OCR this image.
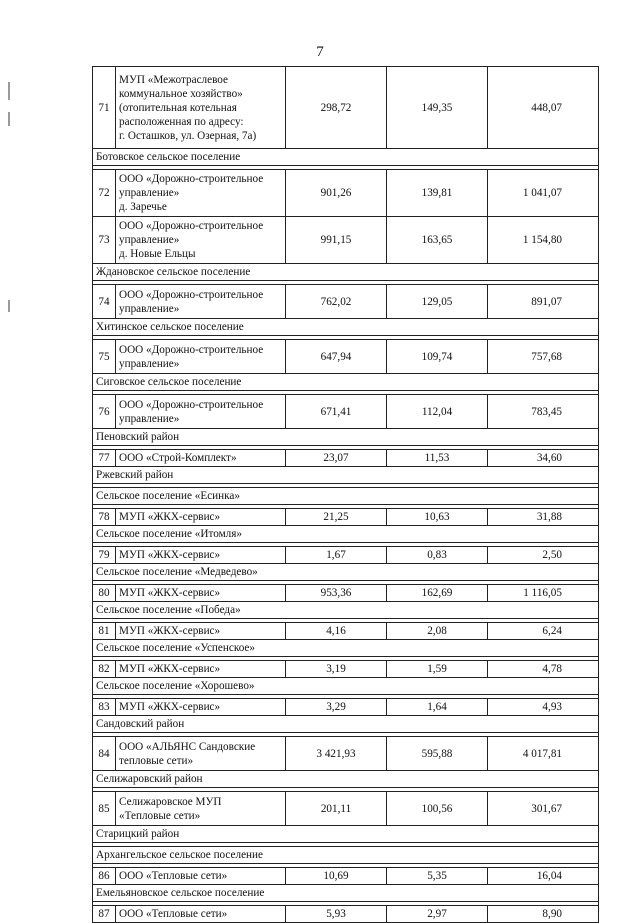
7
71	МУП «Межотраслевое
коммунальное хозяйство»
(отопительная котельная
расположенная по адресу:
г. Осташков, ул. Озерная, 7а)	298,72	149,35	448,07
Ботовское сельское поселение				

72	ООО «Дорожно-строительное
управление»
д. Заречье	901,26	139,81	1 041,07
73	ООО «Дорожно-строительное
управление»
д. Новые Ельцы	991,15	163,65	1 154,80
Ждановское сельское поселение				

74	ООО «Дорожно-строительное
управление»	762,02	129,05	891,07
Хитинское сельское поселение				

75	ООО «Дорожно-строительное
управление»	647,94	109,74	757,68
Сиговское сельское поселение				

76	ООО «Дорожно-строительное
управление»	671,41	112,04	783,45
Пеновский район				

77	ООО «Строй-Комплект»	23,07	11,53	34,60
Ржевский район				

Сельское поселение «Есинка»				

78	МУП «ЖКХ-сервис»	21,25	10,63	31,88
Сельское поселение «Итомля»				

79	МУП «ЖКХ-сервис»	1,67	0,83	2,50
Сельское поселение «Медведево»				

80	МУП «ЖКХ-сервис»	953,36	162,69	1 116,05
Сельское поселение «Победа»				

81	МУП «ЖКХ-сервис»	4,16	2,08	6,24
Сельское поселение «Успенское»				

82	МУП «ЖКХ-сервис»	3,19	1,59	4,78
Сельское поселение «Хорошево»				

83	МУП «ЖКХ-сервис»	3,29	1,64	4,93
Сандовский район				

84	ООО «АЛЬЯНС Сандовские
тепловые сети»	3 421,93	595,88	4 017,81
Селижаровский район				

85	Селижаровское МУП
«Тепловые сети»	201,11	100,56	301,67
Старицкий район				

Архангельское сельское поселение				

86	ООО «Тепловые сети»	10,69	5,35	16,04
Емельяновское сельское поселение				

87	ООО «Тепловые сети»	5,93	2,97	8,90
